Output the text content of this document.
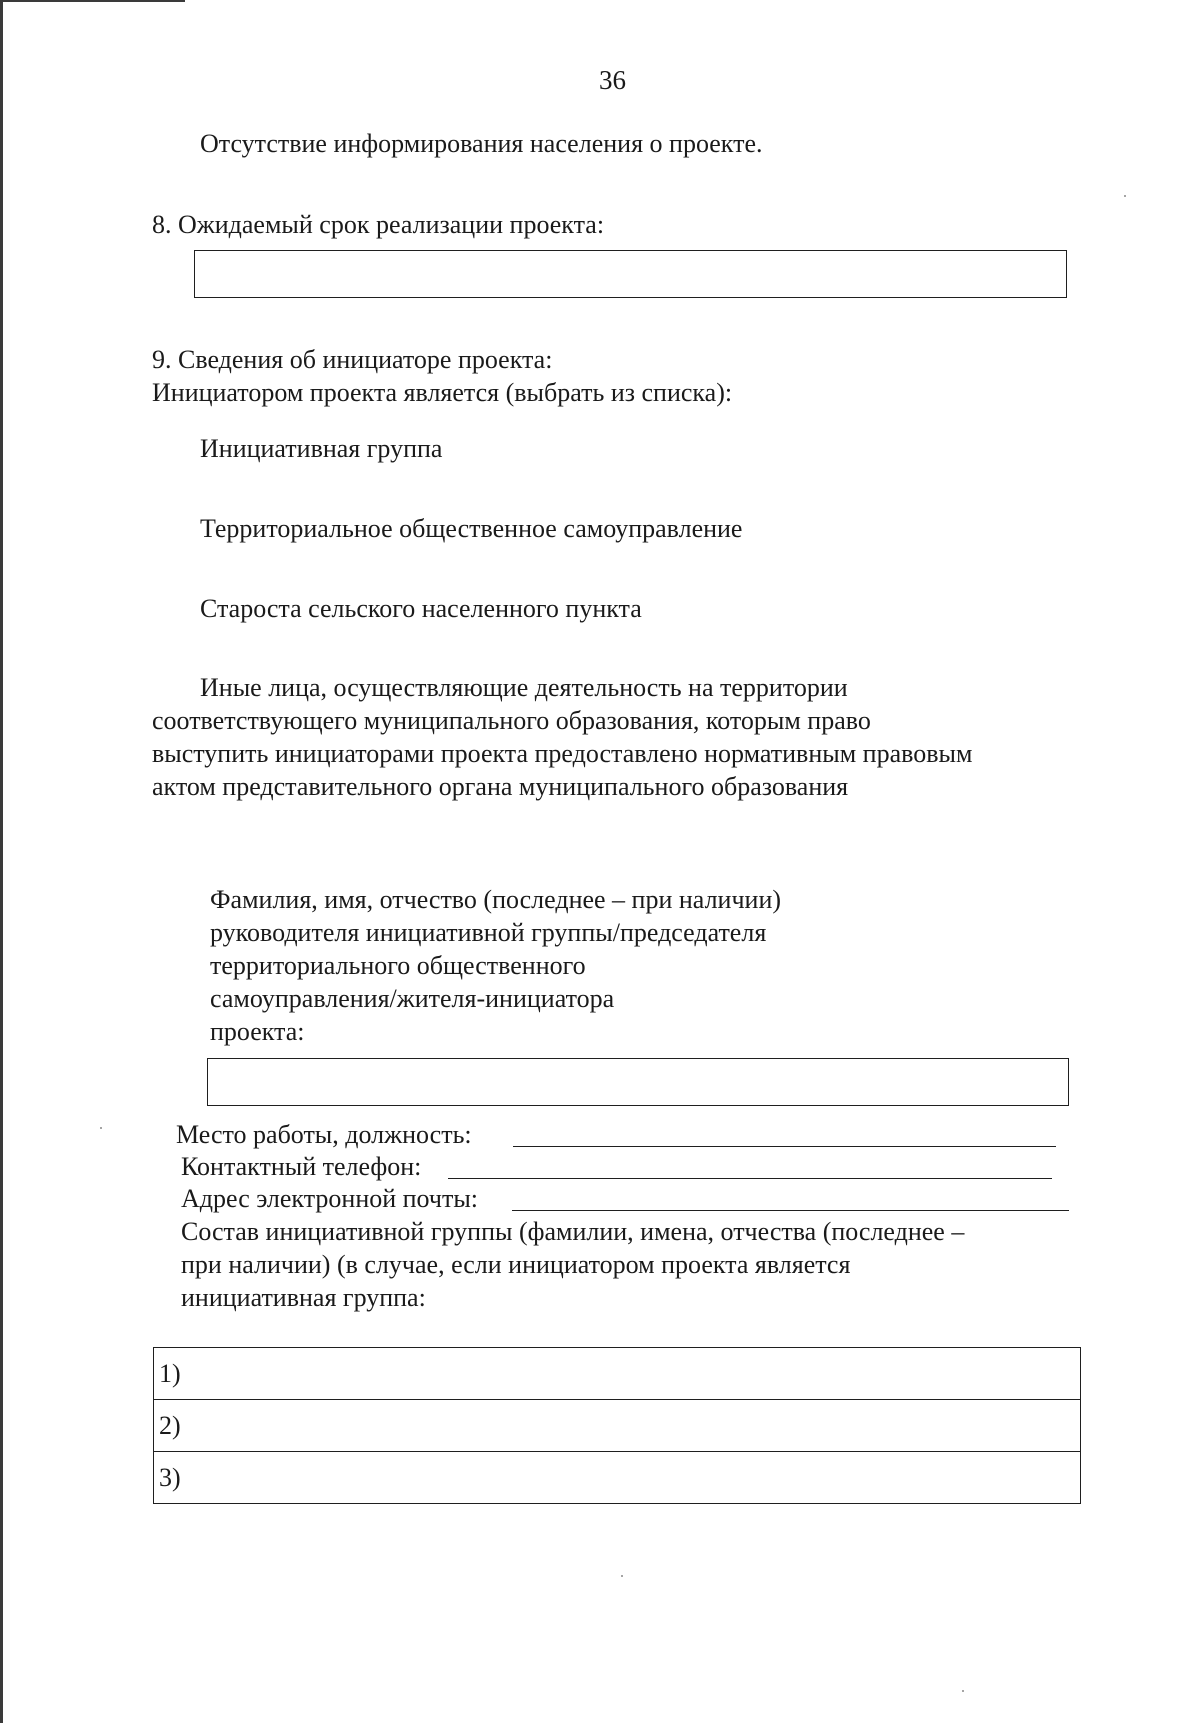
36

Отсутствие информирования населения о проекте.

8. Ожидаемый срок реализации проекта:

9. Сведения об инициаторе проекта:

Инициатором проекта является (выбрать из списка):

Инициативная группа

Территориальное общественное самоуправление

Староста сельского населенного пункта

Иные лица, осуществляющие деятельность на территории

соответствующего муниципального образования, которым право

выступить инициаторами проекта предоставлено нормативным правовым

актом представительного органа муниципального образования

Фамилия, имя, отчество (последнее – при наличии)

руководителя инициативной группы/председателя

территориального общественного

самоуправления/жителя-инициатора

проекта:

Место работы, должность:

Контактный телефон:

Адрес электронной почты:

Состав инициативной группы (фамилии, имена, отчества (последнее –

при наличии) (в случае, если инициатором проекта является

инициативная группа:

1)
2)
3)
